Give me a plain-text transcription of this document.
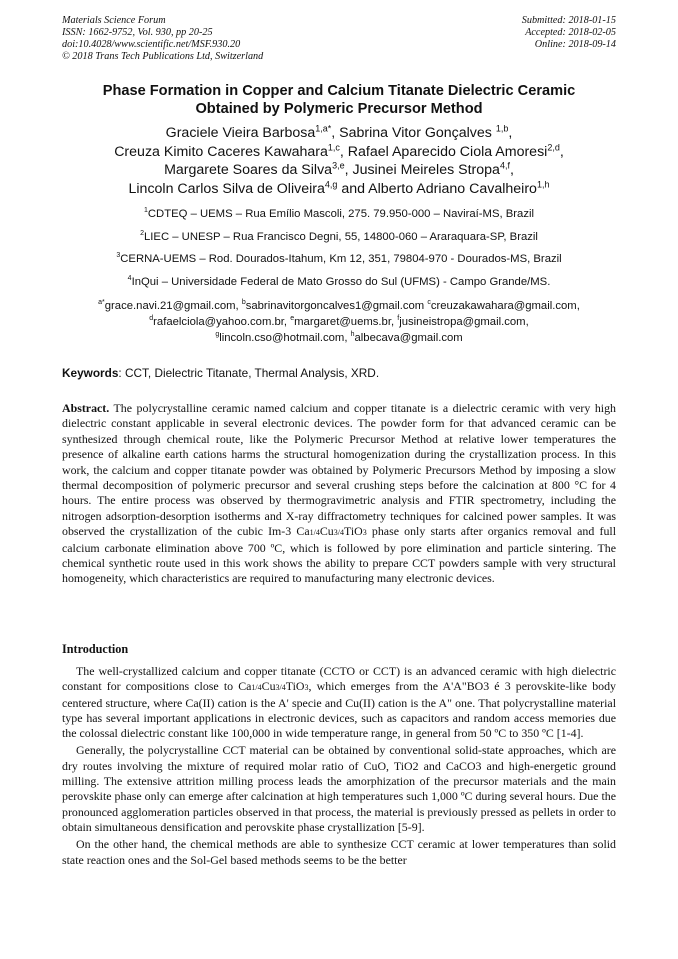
Materials Science Forum
ISSN: 1662-9752, Vol. 930, pp 20-25
doi:10.4028/www.scientific.net/MSF.930.20
© 2018 Trans Tech Publications Ltd, Switzerland
Submitted: 2018-01-15
Accepted: 2018-02-05
Online: 2018-09-14
Phase Formation in Copper and Calcium Titanate Dielectric Ceramic
Obtained by Polymeric Precursor Method
Graciele Vieira Barbosa$^{1,a*}$, Sabrina Vitor Gonçalves $^{1,b}$,
Creuza Kimito Caceres Kawahara$^{1,c}$, Rafael Aparecido Ciola Amoresi$^{2,d}$,
Margarete Soares da Silva$^{3,e}$, Jusinei Meireles Stropa$^{4,f}$,
Lincoln Carlos Silva de Oliveira$^{4,g}$ and Alberto Adriano Cavalheiro$^{1,h}$
$^1$CDTEQ – UEMS – Rua Emílio Mascoli, 275. 79.950-000 – Naviraí-MS, Brazil
$^2$LIEC – UNESP – Rua Francisco Degni, 55, 14800-060 – Araraquara-SP, Brazil
$^3$CERNA-UEMS – Rod. Dourados-Itahum, Km 12, 351, 79804-970 - Dourados-MS, Brazil
$^4$InQui – Universidade Federal de Mato Grosso do Sul (UFMS) - Campo Grande/MS.
$^{a*}$grace.navi.21@gmail.com, $^b$sabrinavitorgoncalves1@gmail.com $^c$creuzakawahara@gmail.com,
$^d$rafaelciola@yahoo.com.br, $^e$margaret@uems.br, $^f$jusineistropa@gmail.com,
$^g$lincoln.cso@hotmail.com, $^h$albecava@gmail.com
Keywords: CCT, Dielectric Titanate, Thermal Analysis, XRD.

Abstract. The polycrystalline ceramic named calcium and copper titanate is a dielectric ceramic with very high dielectric constant applicable in several electronic devices. The powder form for that advanced ceramic can be synthesized through chemical route, like the Polymeric Precursor Method at relative lower temperatures the presence of alkaline earth cations harms the structural homogenization during the crystallization process. In this work, the calcium and copper titanate powder was obtained by Polymeric Precursors Method by imposing a slow thermal decomposition of polymeric precursor and several crushing steps before the calcination at 800 °C for 4 hours. The entire process was observed by thermogravimetric analysis and FTIR spectrometry, including the nitrogen adsorption-desorption isotherms and X-ray diffractometry techniques for calcined power samples. It was observed the crystallization of the cubic Im-3 Ca1/4Cu3/4TiO3 phase only starts after organics removal and full calcium carbonate elimination above 700 ºC, which is followed by pore elimination and particle sintering. The chemical synthetic route used in this work shows the ability to prepare CCT powders sample with very structural homogeneity, which characteristics are required to manufacturing many electronic devices.

Introduction

The well-crystallized calcium and copper titanate (CCTO or CCT) is an advanced ceramic with high dielectric constant for compositions close to Ca1/4Cu3/4TiO3, which emerges from the A'A"BO3 é 3 perovskite-like body centered structure, where Ca(II) cation is the A' specie and Cu(II) cation is the A" one. That polycrystalline material type has several important applications in electronic devices, such as capacitors and random access memories due the colossal dielectric constant like 100,000 in wide temperature range, in general from 50 ºC to 350 ºC [1-4].

Generally, the polycrystalline CCT material can be obtained by conventional solid-state approaches, which are dry routes involving the mixture of required molar ratio of CuO, TiO2 and CaCO3 and high-energetic ground milling. The extensive attrition milling process leads the amorphization of the precursor materials and the main perovskite phase only can emerge after calcination at high temperatures such 1,000 ºC during several hours. Due the pronounced agglomeration particles observed in that process, the material is previously pressed as pellets in order to obtain simultaneous densification and perovskite phase crystallization [5-9].

On the other hand, the chemical methods are able to synthesize CCT ceramic at lower temperatures than solid state reaction ones and the Sol-Gel based methods seems to be the better
